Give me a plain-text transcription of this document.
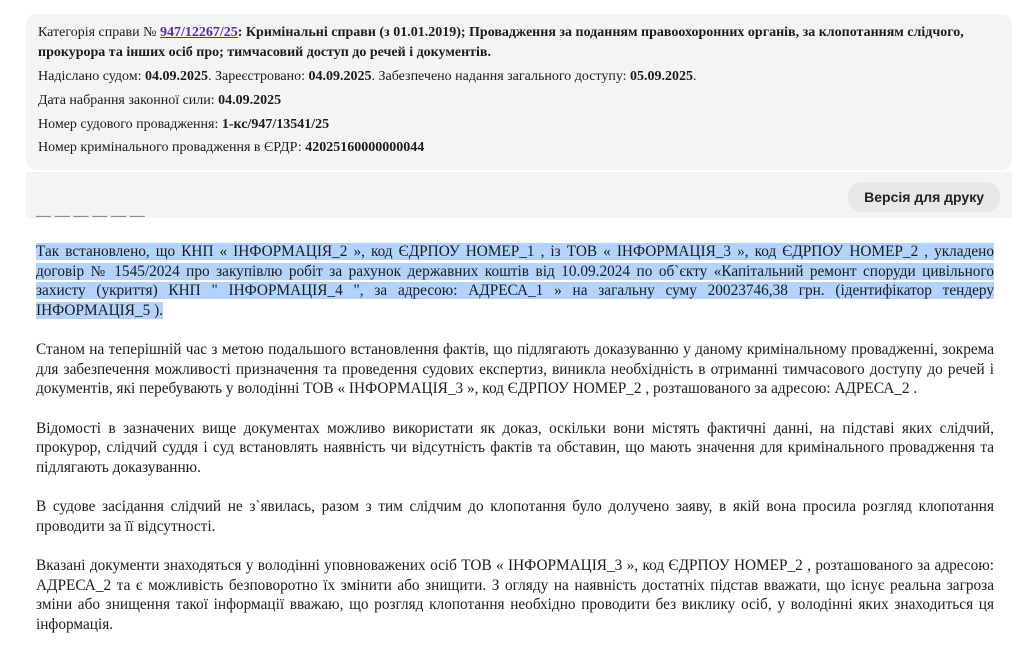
Категорія справи № 947/12267/25: Кримінальні справи (з 01.01.2019); Провадження за поданням правоохоронних органів, за клопотанням слідчого,
прокурора та інших осіб про; тимчасовий доступ до речей і документів.
Надіслано судом: 04.09.2025. Зареєстровано: 04.09.2025. Забезпечено надання загального доступу: 05.09.2025.
Дата набрання законної сили: 04.09.2025
Номер судового провадження: 1-кс/947/13541/25
Номер кримінального провадження в ЄРДР: 42025160000000044
Версія для друку
— — — — — —

Так встановлено, що КНП « ІНФОРМАЦІЯ_2 », код ЄДРПОУ НОМЕР_1 , із ТОВ « ІНФОРМАЦІЯ_3 », код ЄДРПОУ НОМЕР_2 , укладено договір № 1545/2024 про закупівлю робіт за рахунок державних коштів від 10.09.2024 по об`єкту «Капітальний ремонт споруди цивільного захисту (укриття) КНП " ІНФОРМАЦІЯ_4 ", за адресою: АДРЕСА_1 » на загальну суму 20023746,38 грн. (ідентифікатор тендеру ІНФОРМАЦІЯ_5 ).

Станом на теперішній час з метою подальшого встановлення фактів, що підлягають доказуванню у даному кримінальному провадженні, зокрема для забезпечення можливості призначення та проведення судових експертиз, виникла необхідність в отриманні тимчасового доступу до речей і документів, які перебувають у володінні ТОВ « ІНФОРМАЦІЯ_3 », код ЄДРПОУ НОМЕР_2 , розташованого за адресою: АДРЕСА_2 .

Відомості в зазначених вище документах можливо використати як доказ, оскільки вони містять фактичні данні, на підставі яких слідчий, прокурор, слідчий суддя і суд встановлять наявність чи відсутність фактів та обставин, що мають значення для кримінального провадження та підлягають доказуванню.

В судове засідання слідчий не з`явилась, разом з тим слідчим до клопотання було долучено заяву, в якій вона просила розгляд клопотання проводити за її відсутності.

Вказані документи знаходяться у володінні уповноважених осіб ТОВ « ІНФОРМАЦІЯ_3 », код ЄДРПОУ НОМЕР_2 , розташованого за адресою: АДРЕСА_2 та є можливість безповоротно їх змінити або знищити. З огляду на наявність достатніх підстав вважати, що існує реальна загроза зміни або знищення такої інформації вважаю, що розгляд клопотання необхідно проводити без виклику осіб, у володінні яких знаходиться ця інформація.
